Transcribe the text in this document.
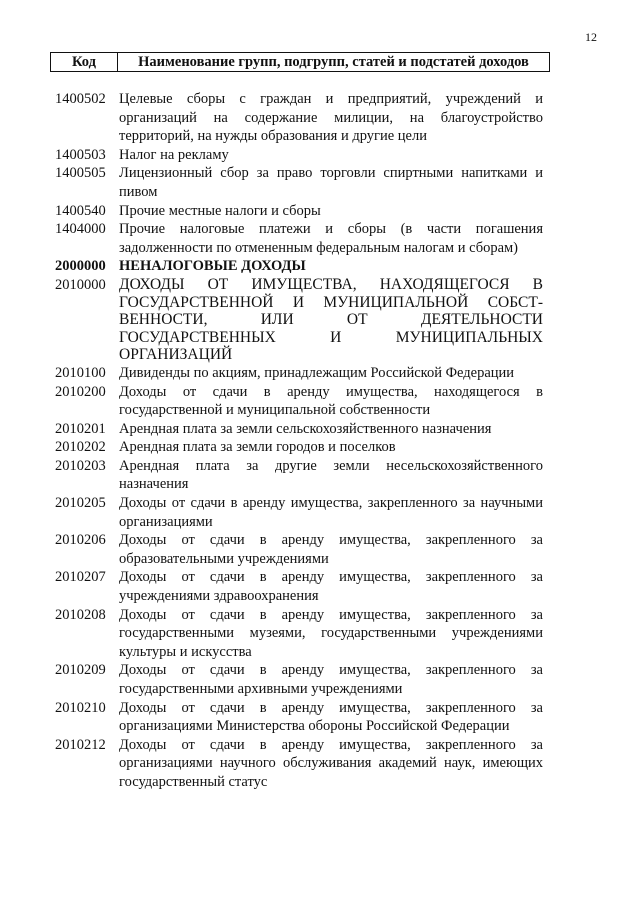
12
Код	Наименование групп, подгрупп, статей и подстатей доходов
1400502 Целевые сборы с граждан и предприятий, учреждений и организаций на содержание милиции, на благоустройство территорий, на нужды образования и другие цели
1400503 Налог на рекламу
1400505 Лицензионный сбор за право торговли спиртными напитками и пивом
1400540 Прочие местные налоги и сборы
1404000 Прочие налоговые платежи и сборы (в части погашения задолженности по отмененным федеральным налогам и сборам)
2000000 НЕНАЛОГОВЫЕ ДОХОДЫ
2010000 ДОХОДЫ ОТ ИМУЩЕСТВА, НАХОДЯЩЕГОСЯ В ГОСУДАРСТВЕННОЙ И МУНИЦИПАЛЬНОЙ СОБСТ-ВЕННОСТИ, ИЛИ ОТ ДЕЯТЕЛЬНОСТИ ГОСУДАРСТВЕННЫХ И МУНИЦИПАЛЬНЫХ ОРГАНИЗАЦИЙ
2010100 Дивиденды по акциям, принадлежащим Российской Федерации
2010200 Доходы от сдачи в аренду имущества, находящегося в государственной и муниципальной собственности
2010201 Арендная плата за земли сельскохозяйственного назначения
2010202 Арендная плата за земли городов и поселков
2010203 Арендная плата за другие земли несельскохозяйственного назначения
2010205 Доходы от сдачи в аренду имущества, закрепленного за научными организациями
2010206 Доходы от сдачи в аренду имущества, закрепленного за образовательными учреждениями
2010207 Доходы от сдачи в аренду имущества, закрепленного за учреждениями здравоохранения
2010208 Доходы от сдачи в аренду имущества, закрепленного за государственными музеями, государственными учреждениями культуры и искусства
2010209 Доходы от сдачи в аренду имущества, закрепленного за государственными архивными учреждениями
2010210 Доходы от сдачи в аренду имущества, закрепленного за организациями Министерства обороны Российской Федерации
2010212 Доходы от сдачи в аренду имущества, закрепленного за организациями научного обслуживания академий наук, имеющих государственный статус
